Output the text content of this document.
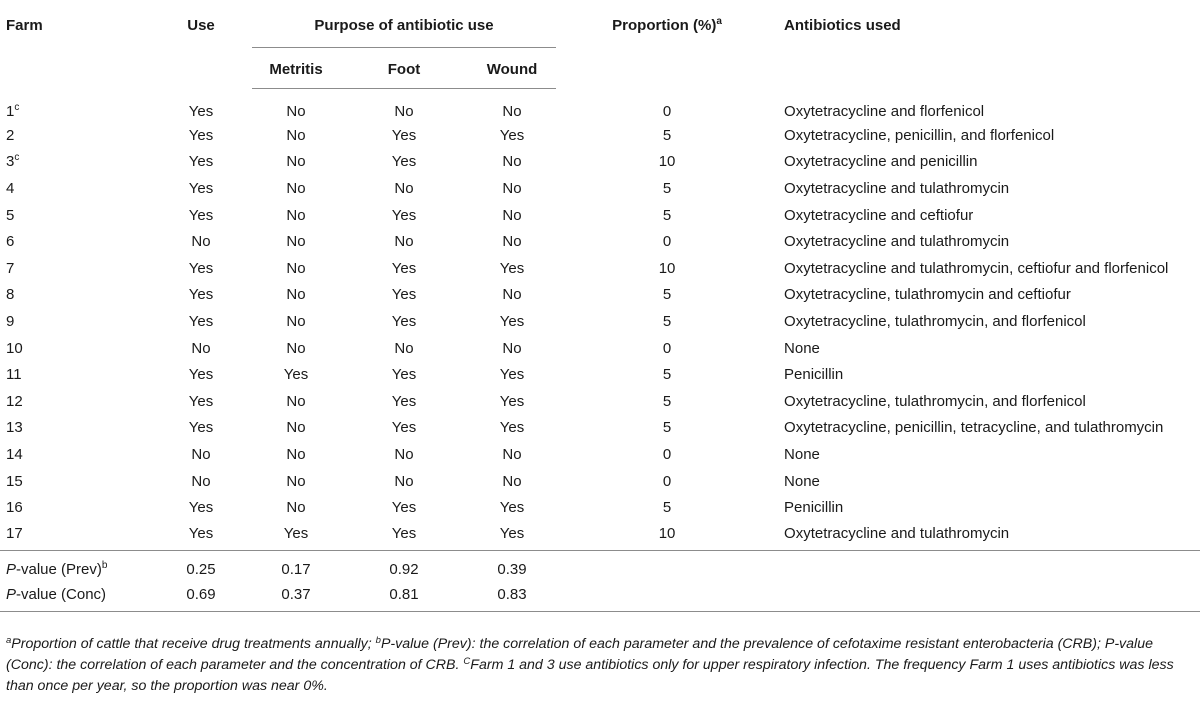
Farm	Use	Purpose of antibiotic use			Proportion (%)$^a$	Antibiotics used
		Metritis	Foot	Wound		
1$^c$	Yes	No	No	No	0	Oxytetracycline and florfenicol
2	Yes	No	Yes	Yes	5	Oxytetracycline, penicillin, and florfenicol
3$^c$	Yes	No	Yes	No	10	Oxytetracycline and penicillin
4	Yes	No	No	No	5	Oxytetracycline and tulathromycin
5	Yes	No	Yes	No	5	Oxytetracycline and ceftiofur
6	No	No	No	No	0	Oxytetracycline and tulathromycin
7	Yes	No	Yes	Yes	10	Oxytetracycline and tulathromycin, ceftiofur and florfenicol
8	Yes	No	Yes	No	5	Oxytetracycline, tulathromycin and ceftiofur
9	Yes	No	Yes	Yes	5	Oxytetracycline, tulathromycin, and florfenicol
10	No	No	No	No	0	None
11	Yes	Yes	Yes	Yes	5	Penicillin
12	Yes	No	Yes	Yes	5	Oxytetracycline, tulathromycin, and florfenicol
13	Yes	No	Yes	Yes	5	Oxytetracycline, penicillin, tetracycline, and tulathromycin
14	No	No	No	No	0	None
15	No	No	No	No	0	None
16	Yes	No	Yes	Yes	5	Penicillin
17	Yes	Yes	Yes	Yes	10	Oxytetracycline and tulathromycin
P-value (Prev)$^b$	0.25	0.17	0.92	0.39		
P-value (Conc)	0.69	0.37	0.81	0.83		
$^a$Proportion of cattle that receive drug treatments annually; $^b$P-value (Prev): the correlation of each parameter and the prevalence of cefotaxime resistant enterobacteria (CRB); P-value (Conc): the correlation of each parameter and the concentration of CRB. $^C$Farm 1 and 3 use antibiotics only for upper respiratory infection. The frequency Farm 1 uses antibiotics was less than once per year, so the proportion was near 0%.
